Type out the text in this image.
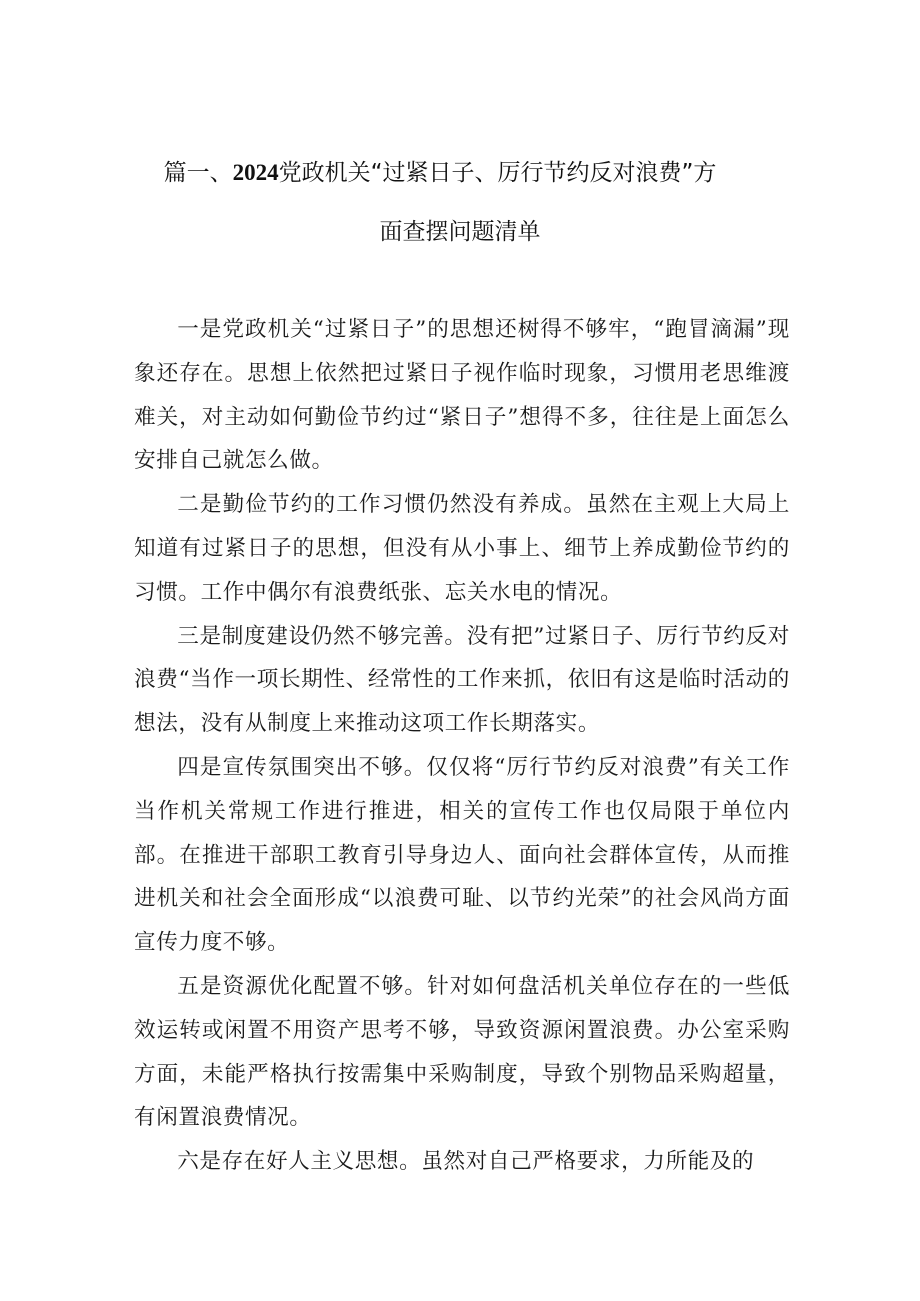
篇一、2024党政机关“过紧日子、厉行节约反对浪费”方
面查摆问题清单

一是党政机关“过紧日子”的思想还树得不够牢，“跑冒滴漏”现象还存在。思想上依然把过紧日子视作临时现象，习惯用老思维渡难关，对主动如何勤俭节约过“紧日子”想得不多，往往是上面怎么安排自己就怎么做。

二是勤俭节约的工作习惯仍然没有养成。虽然在主观上大局上知道有过紧日子的思想，但没有从小事上、细节上养成勤俭节约的习惯。工作中偶尔有浪费纸张、忘关水电的情况。

三是制度建设仍然不够完善。没有把”过紧日子、厉行节约反对浪费“当作一项长期性、经常性的工作来抓，依旧有这是临时活动的想法，没有从制度上来推动这项工作长期落实。

四是宣传氛围突出不够。仅仅将“厉行节约反对浪费”有关工作当作机关常规工作进行推进，相关的宣传工作也仅局限于单位内部。在推进干部职工教育引导身边人、面向社会群体宣传，从而推进机关和社会全面形成“以浪费可耻、以节约光荣”的社会风尚方面宣传力度不够。

五是资源优化配置不够。针对如何盘活机关单位存在的一些低效运转或闲置不用资产思考不够，导致资源闲置浪费。办公室采购方面，未能严格执行按需集中采购制度，导致个别物品采购超量，有闲置浪费情况。

六是存在好人主义思想。虽然对自己严格要求，力所能及的
